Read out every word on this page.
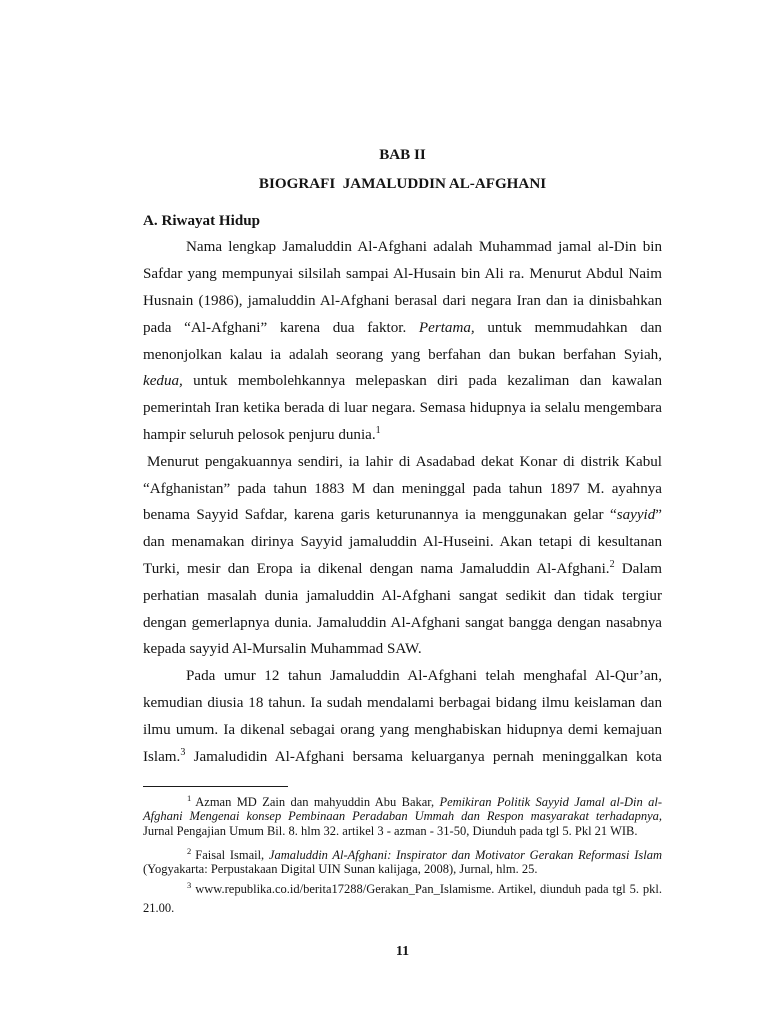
BAB II
BIOGRAFI  JAMALUDDIN AL-AFGHANI
A. Riwayat Hidup
Nama lengkap Jamaluddin Al-Afghani adalah Muhammad jamal al-Din bin
Safdar yang mempunyai silsilah sampai Al-Husain bin Ali ra. Menurut Abdul Naim
Husnain (1986), jamaluddin Al-Afghani berasal dari negara Iran dan ia dinisbahkan
pada “Al-Afghani” karena dua faktor. Pertama, untuk memmudahkan dan
menonjolkan kalau ia adalah seorang yang berfahan dan bukan berfahan Syiah,
kedua, untuk membolehkannya melepaskan diri pada kezaliman dan kawalan
pemerintah Iran ketika berada di luar negara. Semasa hidupnya ia selalu mengembara
hampir seluruh pelosok penjuru dunia.$^1$
Menurut pengakuannya sendiri, ia lahir di Asadabad dekat Konar di distrik Kabul
“Afghanistan” pada tahun 1883 M dan meninggal pada tahun 1897 M. ayahnya
benama Sayyid Safdar, karena garis keturunannya ia menggunakan gelar “sayyid”
dan menamakan dirinya Sayyid jamaluddin Al-Huseini. Akan tetapi di kesultanan
Turki, mesir dan Eropa ia dikenal dengan nama Jamaluddin Al-Afghani.$^2$ Dalam
perhatian masalah dunia jamaluddin Al-Afghani sangat sedikit dan tidak tergiur
dengan gemerlapnya dunia. Jamaluddin Al-Afghani sangat bangga dengan nasabnya
kepada sayyid Al-Mursalin Muhammad SAW.
Pada umur 12 tahun Jamaluddin Al-Afghani telah menghafal Al-Qur’an,
kemudian diusia 18 tahun. Ia sudah mendalami berbagai bidang ilmu keislaman dan
ilmu umum. Ia dikenal sebagai orang yang menghabiskan hidupnya demi kemajuan
Islam.$^3$ Jamaludidin Al-Afghani bersama keluarganya pernah meninggalkan kota
$^1$ Azman MD Zain dan mahyuddin Abu Bakar, Pemikiran Politik Sayyid Jamal al-Din al-
Afghani Mengenai konsep Pembinaan Peradaban Ummah dan Respon masyarakat terhadapnya,
Jurnal Pengajian Umum Bil. 8. hlm 32. artikel 3 - azman - 31-50, Diunduh pada tgl 5. Pkl 21 WIB.
$^2$ Faisal Ismail, Jamaluddin Al-Afghani: Inspirator dan Motivator Gerakan Reformasi Islam
(Yogyakarta: Perpustakaan Digital UIN Sunan kalijaga, 2008), Jurnal, hlm. 25.
$^3$ www.republika.co.id/berita17288/Gerakan_Pan_Islamisme. Artikel, diunduh pada tgl 5. pkl.
21.00.
11
